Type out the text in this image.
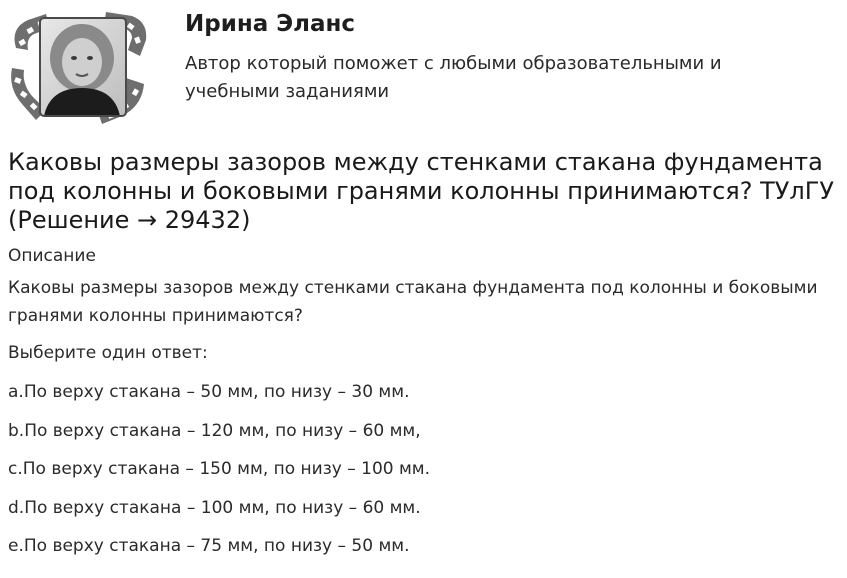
Ирина Эланс
Автор который поможет с любыми образовательными и учебными заданиями
Каковы размеры зазоров между стенками стакана фундамента под колонны и боковыми гранями колонны принимаются? ТУлГУ (Решение → 29432)
Описание
Каковы размеры зазоров между стенками стакана фундамента под колонны и боковыми гранями колонны принимаются?
Выберите один ответ:
a.По верху стакана – 50 мм, по низу – 30 мм.
b.По верху стакана – 120 мм, по низу – 60 мм,
c.По верху стакана – 150 мм, по низу – 100 мм.
d.По верху стакана – 100 мм, по низу – 60 мм.
e.По верху стакана – 75 мм, по низу – 50 мм.
